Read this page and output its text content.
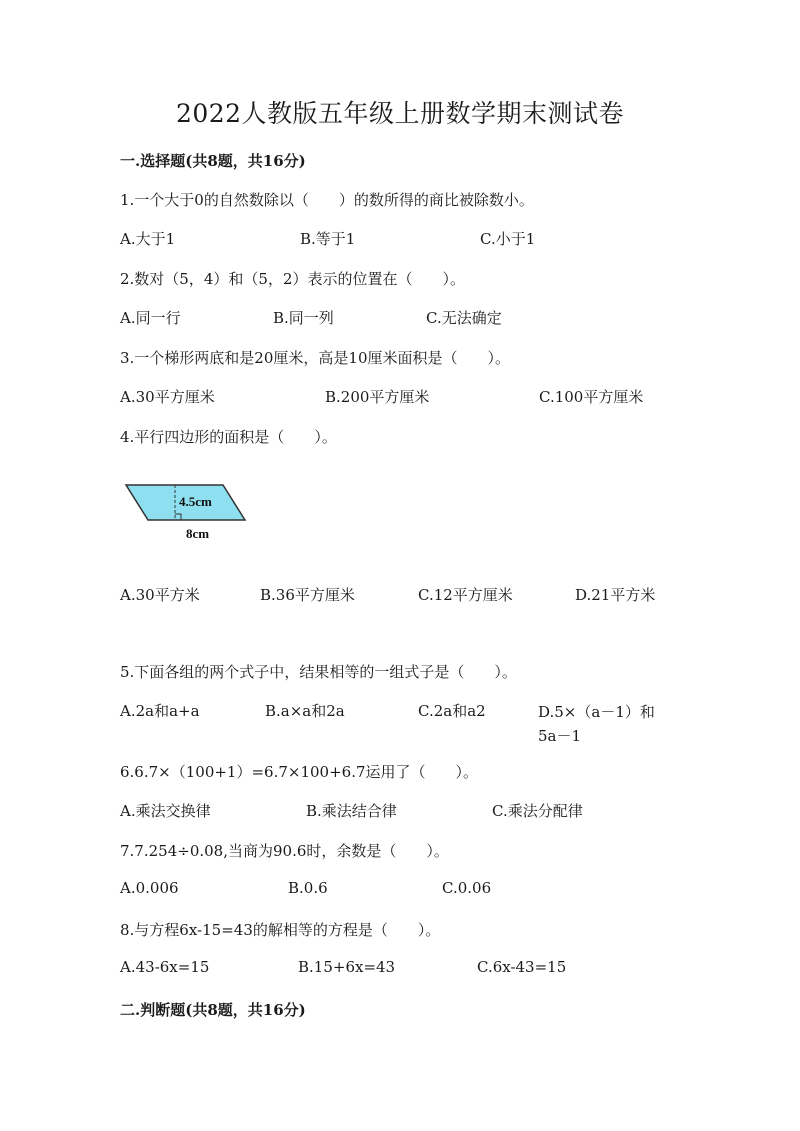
2022人教版五年级上册数学期末测试卷
一.选择题(共8题，共16分)

1.一个大于0的自然数除以（　　）的数所得的商比被除数小。

A.大于1	B.等于1	C.小于1

2.数对（5，4）和（5，2）表示的位置在（　　）。

A.同一行	B.同一列	C.无法确定

3.一个梯形两底和是20厘米，高是10厘米面积是（　　）。

A.30平方厘米	B.200平方厘米	C.100平方厘米

4.平行四边形的面积是（　　）。

4.5cm
8cm
A.30平方米	B.36平方厘米	C.12平方厘米	D.21平方米

5.下面各组的两个式子中，结果相等的一组式子是（　　）。

A.2a和a+a	B.a×a和2a	C.2a和a2	D.5×（a－1）和5a－1

6.6.7×（100+1）=6.7×100+6.7运用了（　　）。

A.乘法交换律	B.乘法结合律	C.乘法分配律

7.7.254÷0.08,当商为90.6时，余数是（　　）。

A.0.006	B.0.6	C.0.06

8.与方程6x-15=43的解相等的方程是（　　）。

A.43-6x=15	B.15+6x=43	C.6x-43=15
二.判断题(共8题，共16分)
